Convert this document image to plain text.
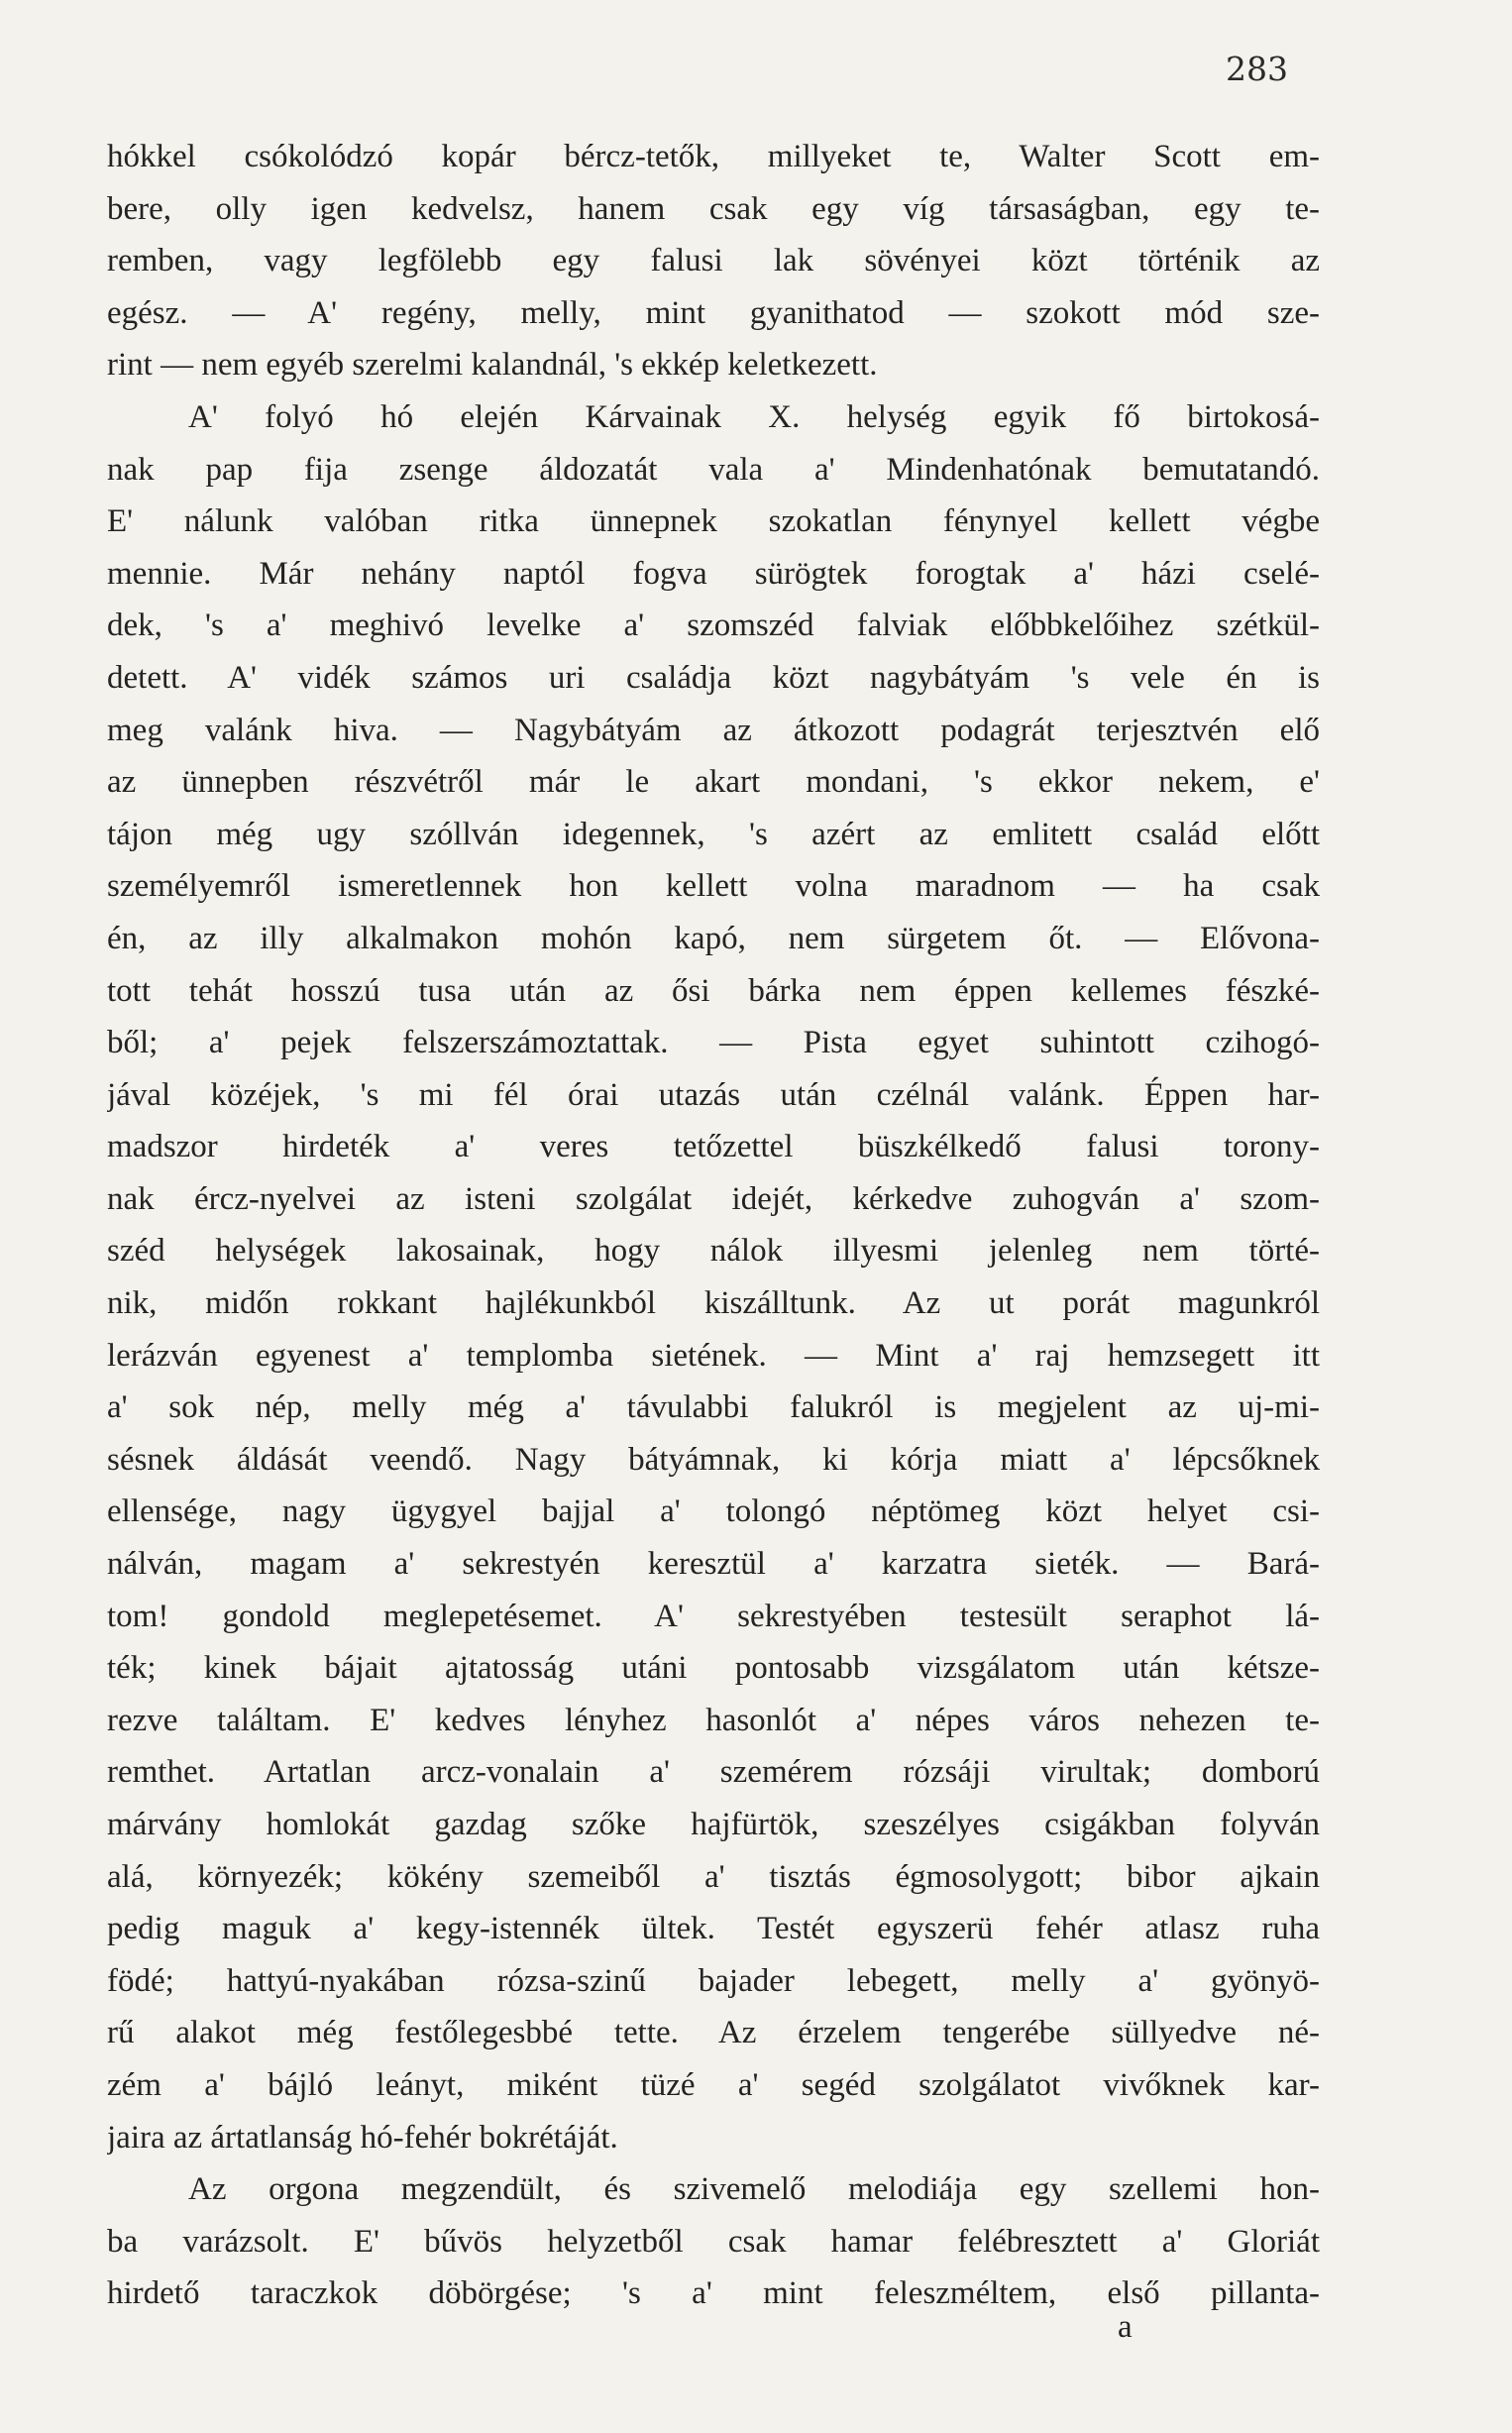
283
hókkel csókolódzó kopár bércz-tetők, millyeket te, Walter Scott em-
bere, olly igen kedvelsz, hanem csak egy víg társaságban, egy te-
remben, vagy legfölebb egy falusi lak sövényei közt történik az
egész. — A' regény, melly, mint gyanithatod — szokott mód sze-
rint — nem egyéb szerelmi kalandnál, 's ekkép keletkezett.
A' folyó hó elején Kárvainak X. helység egyik fő birtokosá-
nak pap fija zsenge áldozatát vala a' Mindenhatónak bemutatandó.
E' nálunk valóban ritka ünnepnek szokatlan fénynyel kellett végbe
mennie. Már nehány naptól fogva sürögtek forogtak a' házi cselé-
dek, 's a' meghivó levelke a' szomszéd falviak előbbkelőihez szétkül-
detett. A' vidék számos uri családja közt nagybátyám 's vele én is
meg valánk hiva. — Nagybátyám az átkozott podagrát terjesztvén elő
az ünnepben részvétről már le akart mondani, 's ekkor nekem, e'
tájon még ugy szóllván idegennek, 's azért az emlitett család előtt
személyemről ismeretlennek hon kellett volna maradnom — ha csak
én, az illy alkalmakon mohón kapó, nem sürgetem őt. — Elővona-
tott tehát hosszú tusa után az ősi bárka nem éppen kellemes fészké-
ből; a' pejek felszerszámoztattak. — Pista egyet suhintott czihogó-
jával közéjek, 's mi fél órai utazás után czélnál valánk. Éppen har-
madszor hirdeték a' veres tetőzettel büszkélkedő falusi torony-
nak ércz-nyelvei az isteni szolgálat idejét, kérkedve zuhogván a' szom-
széd helységek lakosainak, hogy nálok illyesmi jelenleg nem törté-
nik, midőn rokkant hajlékunkból kiszálltunk. Az ut porát magunkról
lerázván egyenest a' templomba sietének. — Mint a' raj hemzsegett itt
a' sok nép, melly még a' távulabbi falukról is megjelent az uj-mi-
sésnek áldását veendő. Nagy bátyámnak, ki kórja miatt a' lépcsőknek
ellensége, nagy ügygyel bajjal a' tolongó néptömeg közt helyet csi-
nálván, magam a' sekrestyén keresztül a' karzatra sieték. — Bará-
tom! gondold meglepetésemet. A' sekrestyében testesült seraphot lá-
ték; kinek bájait ajtatosság utáni pontosabb vizsgálatom után kétsze-
rezve találtam. E' kedves lényhez hasonlót a' népes város nehezen te-
remthet. Artatlan arcz-vonalain a' szemérem rózsáji virultak; domború
márvány homlokát gazdag szőke hajfürtök, szeszélyes csigákban folyván
alá, környezék; kökény szemeiből a' tisztás égmosolygott; bibor ajkain
pedig maguk a' kegy-istennék ültek. Testét egyszerü fehér atlasz ruha
födé; hattyú-nyakában rózsa-szinű bajader lebegett, melly a' gyönyö-
rű alakot még festőlegesbbé tette. Az érzelem tengerébe süllyedve né-
zém a' bájló leányt, miként tüzé a' segéd szolgálatot vivőknek kar-
jaira az ártatlanság hó-fehér bokrétáját.
Az orgona megzendült, és szivemelő melodiája egy szellemi hon-
ba varázsolt. E' bűvös helyzetből csak hamar felébresztett a' Gloriát
hirdető taraczkok döbörgése; 's a' mint feleszméltem, első pillanta-
a
